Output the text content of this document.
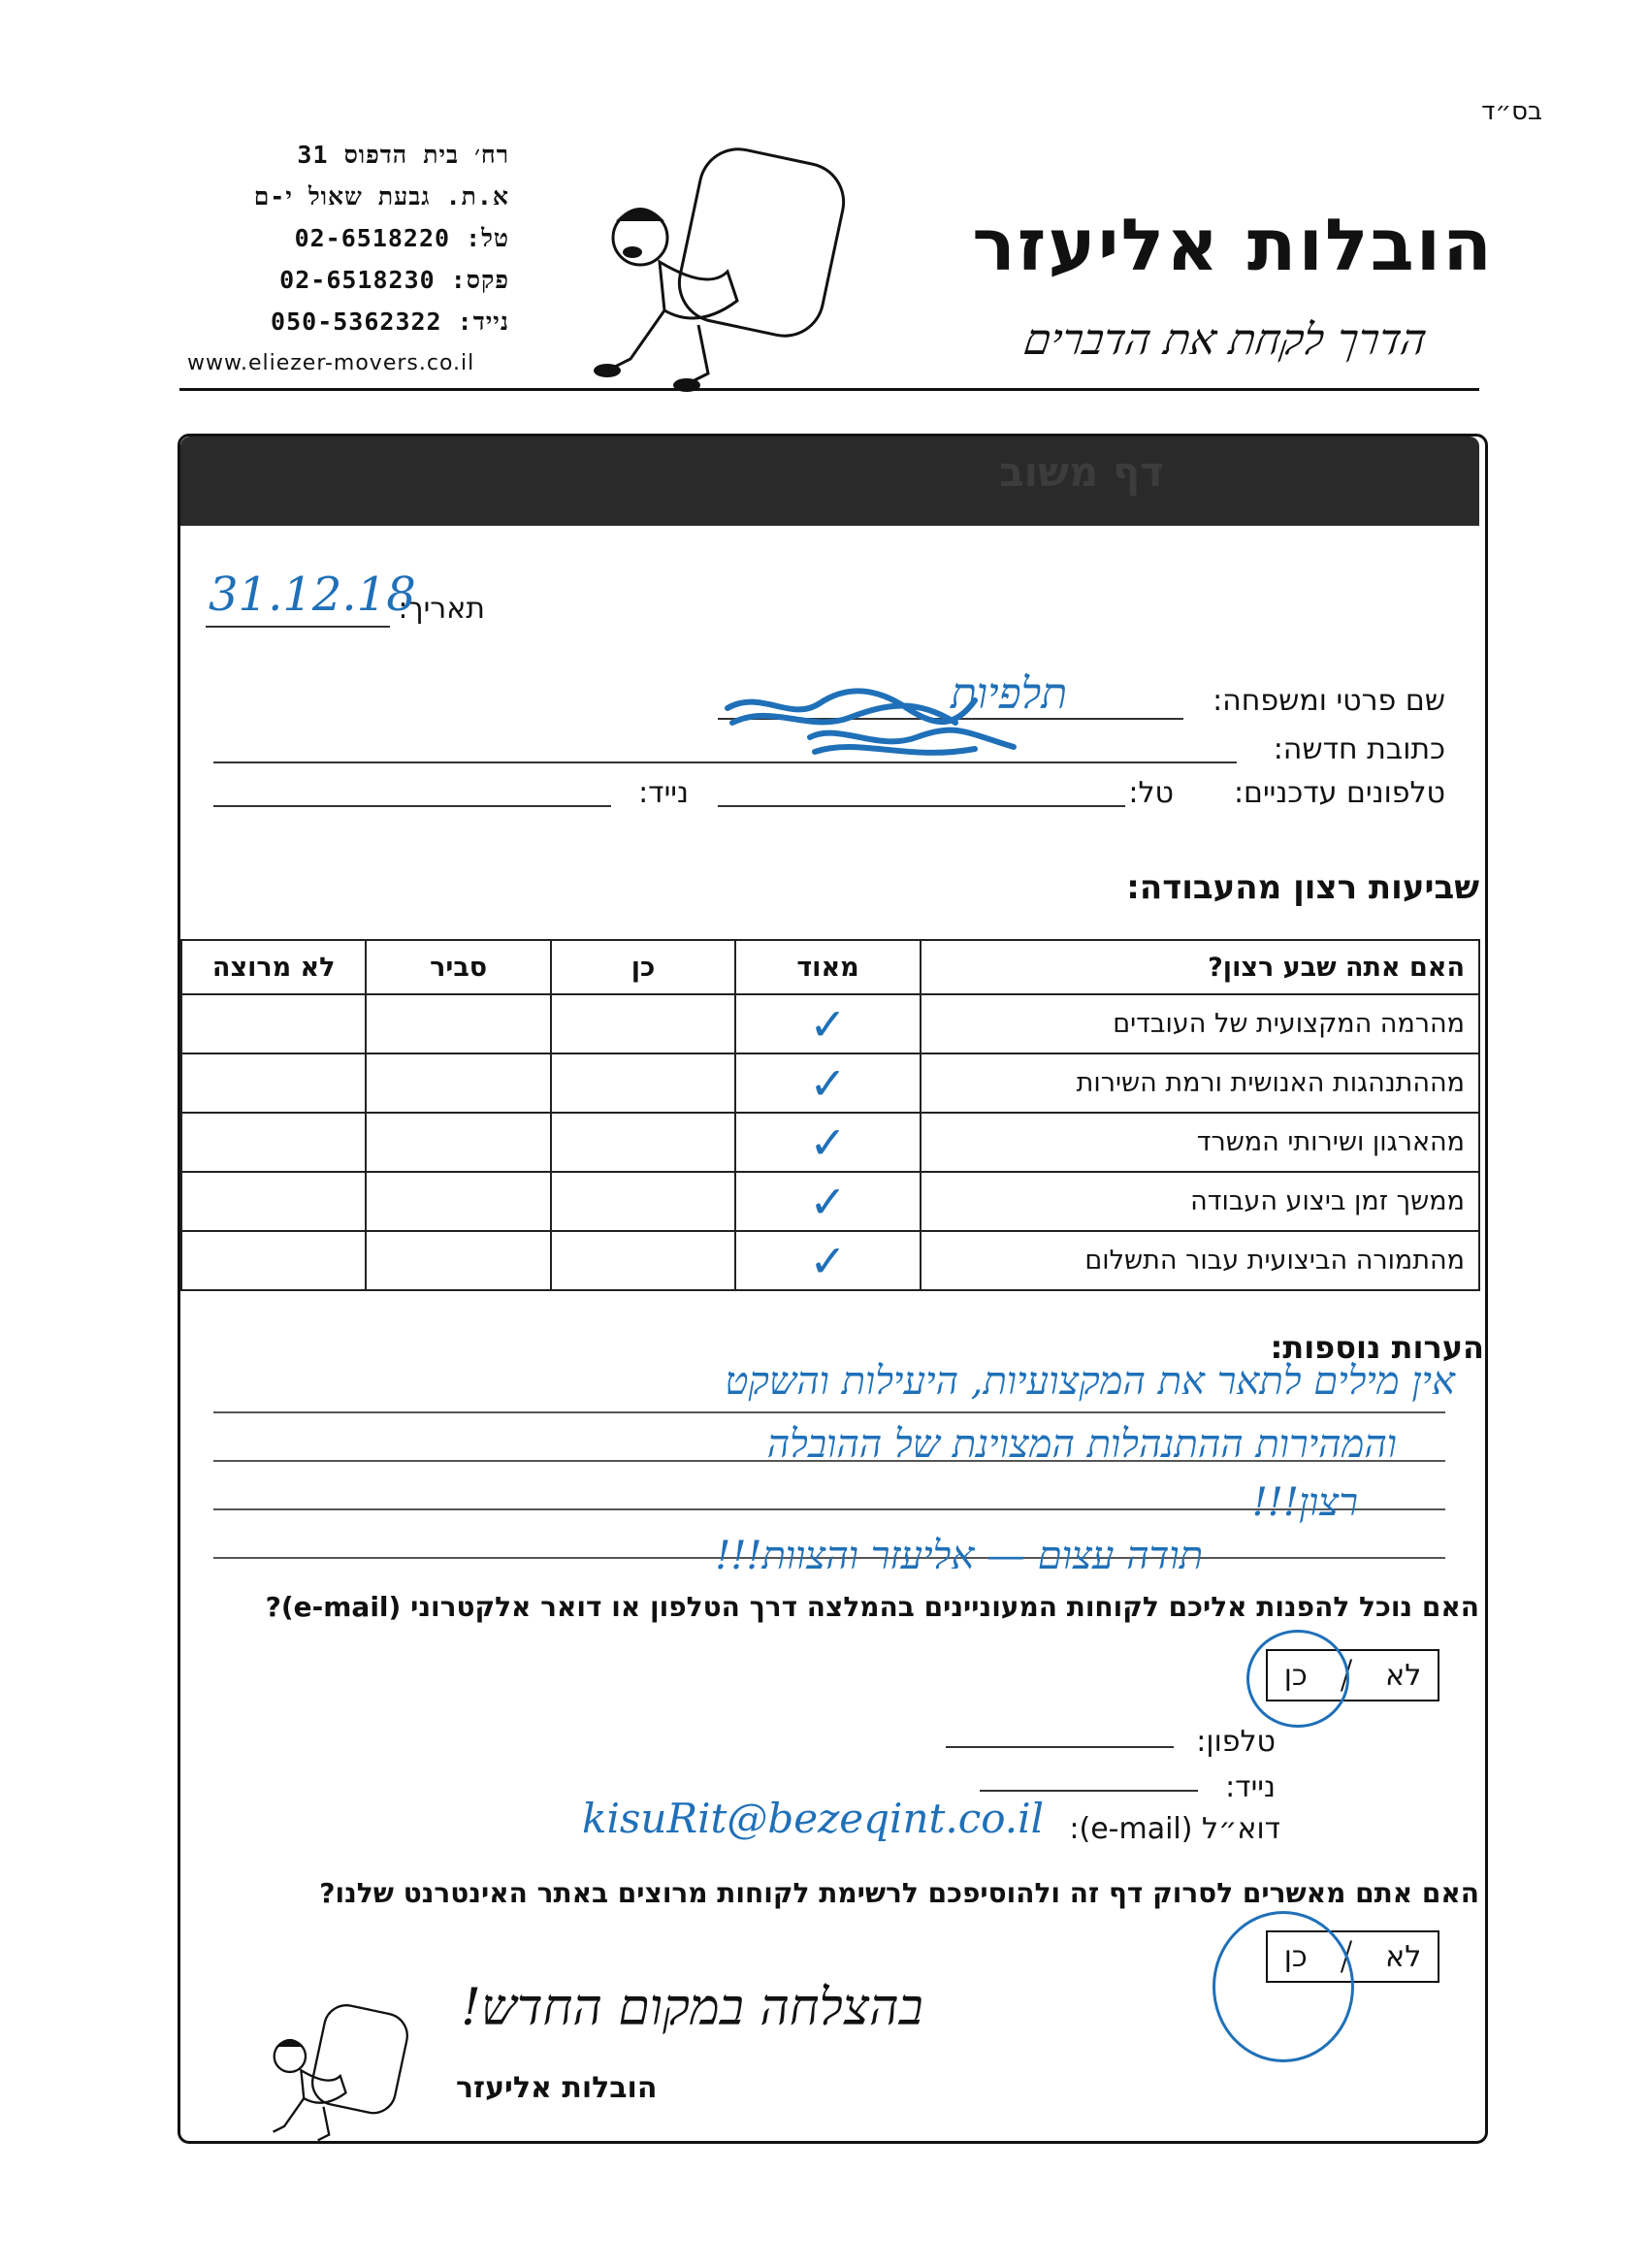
בס״ד
רח׳ בית הדפוס 31
א.ת. גבעת שאול י-ם
טל: 02-6518220
פקס: 02-6518230
נייד: 050-5362322
www.eliezer-movers.co.il
הובלות אליעזר
הדרך לקחת את הדברים
דף משוב
תאריך:
31.12.18
שם פרטי ומשפחה:
תלפיות
כתובת חדשה:
טלפונים עדכניים:
טל:
נייד:
שביעות רצון מהעבודה:
האם אתה שבע רצון?	מאוד	כן	סביר	לא מרוצה
מהרמה המקצועית של העובדים	✓			
מההתנהגות האנושית ורמת השירות	✓			
מהארגון ושירותי המשרד	✓			
ממשך זמן ביצוע העבודה	✓			
מהתמורה הביצועית עבור התשלום	✓			
הערות נוספות:
אין מילים לתאר את המקצועיות, היעילות והשקט
והמהירות ההתנהלות המצוינת של ההובלה
רצון!!!
תודה עצום — אליעזר והצוות!!!
האם נוכל להפנות אליכם לקוחות המעוניינים בהמלצה דרך הטלפון או דואר אלקטרוני (e-mail)?
לא
/
כן
טלפון:
נייד:
דוא״ל (e-mail):
kisuRit@bezeqint.co.il
האם אתם מאשרים לסרוק דף זה ולהוסיפכם לרשימת לקוחות מרוצים באתר האינטרנט שלנו?
לא
/
כן
בהצלחה במקום החדש!
הובלות אליעזר
